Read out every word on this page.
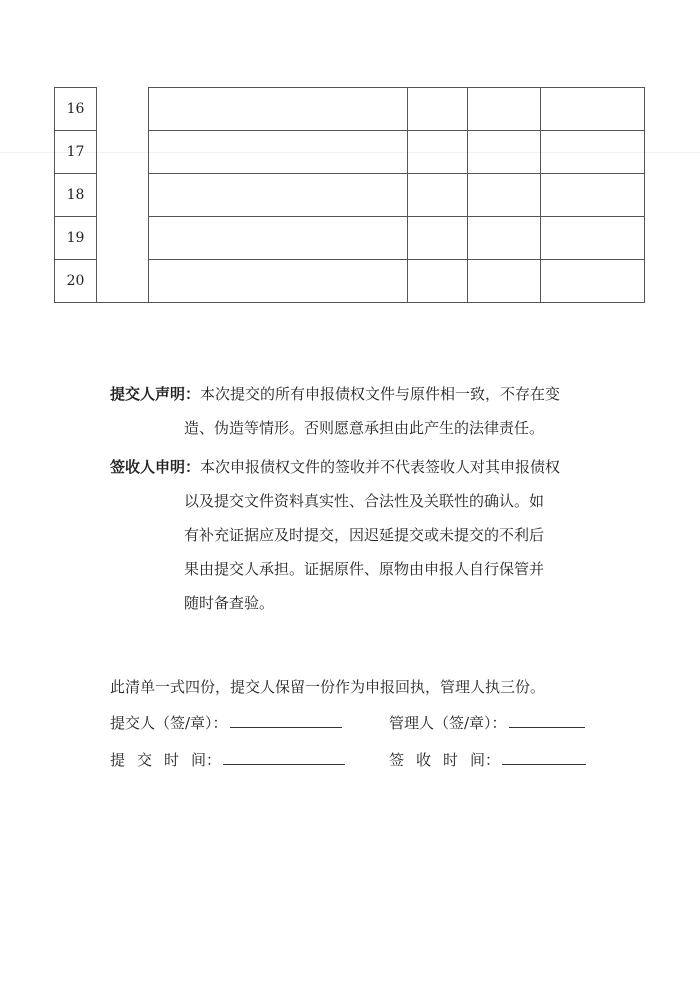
16					
17					
18					
19					
20					
提交人声明：本次提交的所有申报债权文件与原件相一致，不存在变
造、伪造等情形。否则愿意承担由此产生的法律责任。
签收人申明：本次申报债权文件的签收并不代表签收人对其申报债权
以及提交文件资料真实性、合法性及关联性的确认。如
有补充证据应及时提交，因迟延提交或未提交的不利后
果由提交人承担。证据原件、原物由申报人自行保管并
随时备查验。
此清单一式四份，提交人保留一份作为申报回执，管理人执三份。
提交人（签/章）：	管理人（签/章）：
提 交 时 间：	签 收 时 间：
